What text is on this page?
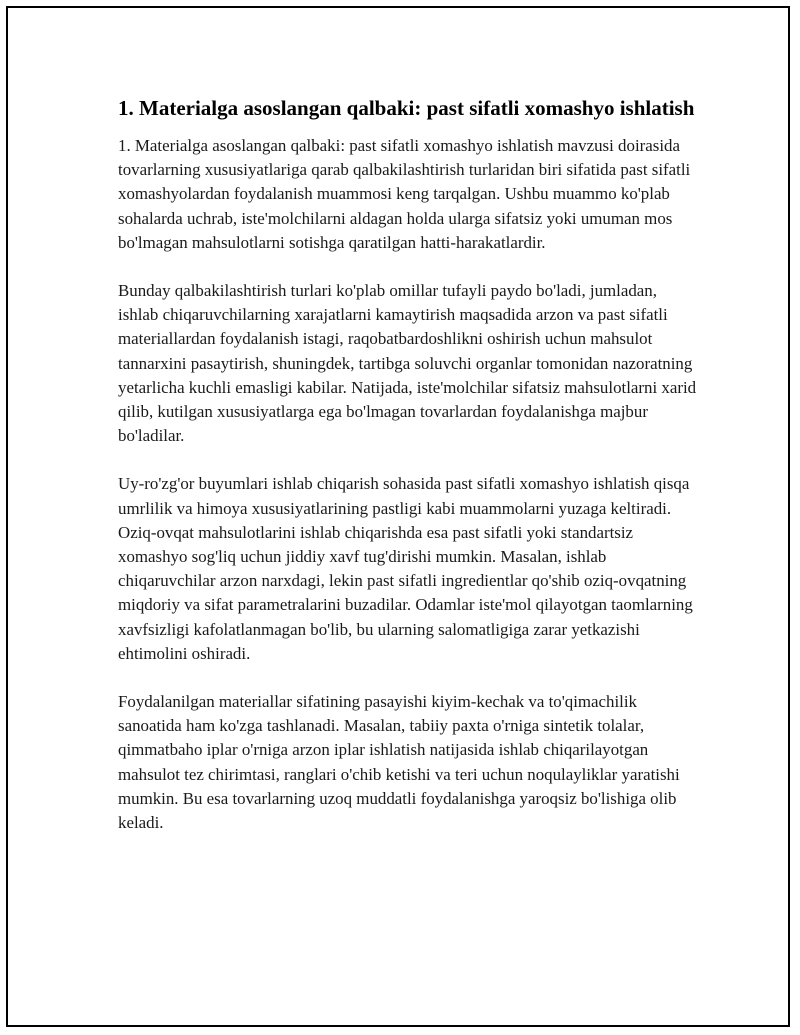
1. Materialga asoslangan qalbaki: past sifatli xomashyo ishlatish

1. Materialga asoslangan qalbaki: past sifatli xomashyo ishlatish mavzusi doirasida tovarlarning xususiyatlariga qarab qalbakilashtirish turlaridan biri sifatida past sifatli xomashyolardan foydalanish muammosi keng tarqalgan. Ushbu muammo ko'plab sohalarda uchrab, iste'molchilarni aldagan holda ularga sifatsiz yoki umuman mos bo'lmagan mahsulotlarni sotishga qaratilgan hatti-harakatlardir.

Bunday qalbakilashtirish turlari ko'plab omillar tufayli paydo bo'ladi, jumladan, ishlab chiqaruvchilarning xarajatlarni kamaytirish maqsadida arzon va past sifatli materiallardan foydalanish istagi, raqobatbardoshlikni oshirish uchun mahsulot tannarxini pasaytirish, shuningdek, tartibga soluvchi organlar tomonidan nazoratning yetarlicha kuchli emasligi kabilar. Natijada, iste'molchilar sifatsiz mahsulotlarni xarid qilib, kutilgan xususiyatlarga ega bo'lmagan tovarlardan foydalanishga majbur bo'ladilar.

Uy-ro'zg'or buyumlari ishlab chiqarish sohasida past sifatli xomashyo ishlatish qisqa umrlilik va himoya xususiyatlarining pastligi kabi muammolarni yuzaga keltiradi. Oziq-ovqat mahsulotlarini ishlab chiqarishda esa past sifatli yoki standartsiz xomashyo sog'liq uchun jiddiy xavf tug'dirishi mumkin. Masalan, ishlab chiqaruvchilar arzon narxdagi, lekin past sifatli ingredientlar qo'shib oziq-ovqatning miqdoriy va sifat parametralarini buzadilar. Odamlar iste'mol qilayotgan taomlarning xavfsizligi kafolatlanmagan bo'lib, bu ularning salomatligiga zarar yetkazishi ehtimolini oshiradi.

Foydalanilgan materiallar sifatining pasayishi kiyim-kechak va to'qimachilik sanoatida ham ko'zga tashlanadi. Masalan, tabiiy paxta o'rniga sintetik tolalar, qimmatbaho iplar o'rniga arzon iplar ishlatish natijasida ishlab chiqarilayotgan mahsulot tez chirimtasi, ranglari o'chib ketishi va teri uchun noqulayliklar yaratishi mumkin. Bu esa tovarlarning uzoq muddatli foydalanishga yaroqsiz bo'lishiga olib keladi.
